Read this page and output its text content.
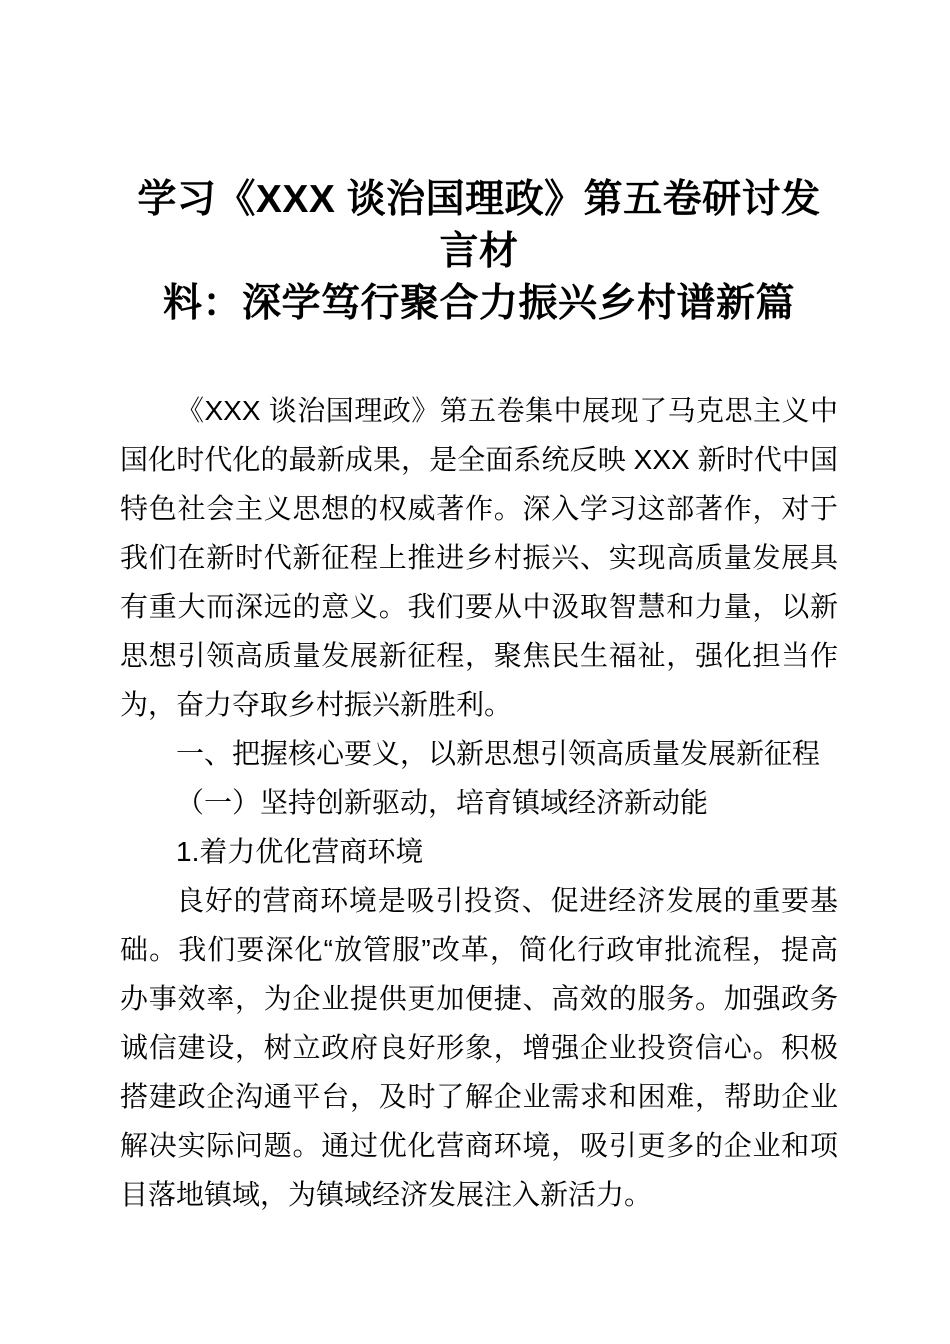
学习《XXX 谈治国理政》第五卷研讨发言材
料：深学笃行聚合力振兴乡村谱新篇

《XXX 谈治国理政》第五卷集中展现了马克思主义中国化时代化的最新成果，是全面系统反映 XXX 新时代中国特色社会主义思想的权威著作。深入学习这部著作，对于我们在新时代新征程上推进乡村振兴、实现高质量发展具有重大而深远的意义。我们要从中汲取智慧和力量，以新思想引领高质量发展新征程，聚焦民生福祉，强化担当作为，奋力夺取乡村振兴新胜利。

一、把握核心要义，以新思想引领高质量发展新征程

（一）坚持创新驱动，培育镇域经济新动能

1.着力优化营商环境

良好的营商环境是吸引投资、促进经济发展的重要基础。我们要深化“放管服”改革，简化行政审批流程，提高办事效率，为企业提供更加便捷、高效的服务。加强政务诚信建设，树立政府良好形象，增强企业投资信心。积极搭建政企沟通平台，及时了解企业需求和困难，帮助企业解决实际问题。通过优化营商环境，吸引更多的企业和项目落地镇域，为镇域经济发展注入新活力。
